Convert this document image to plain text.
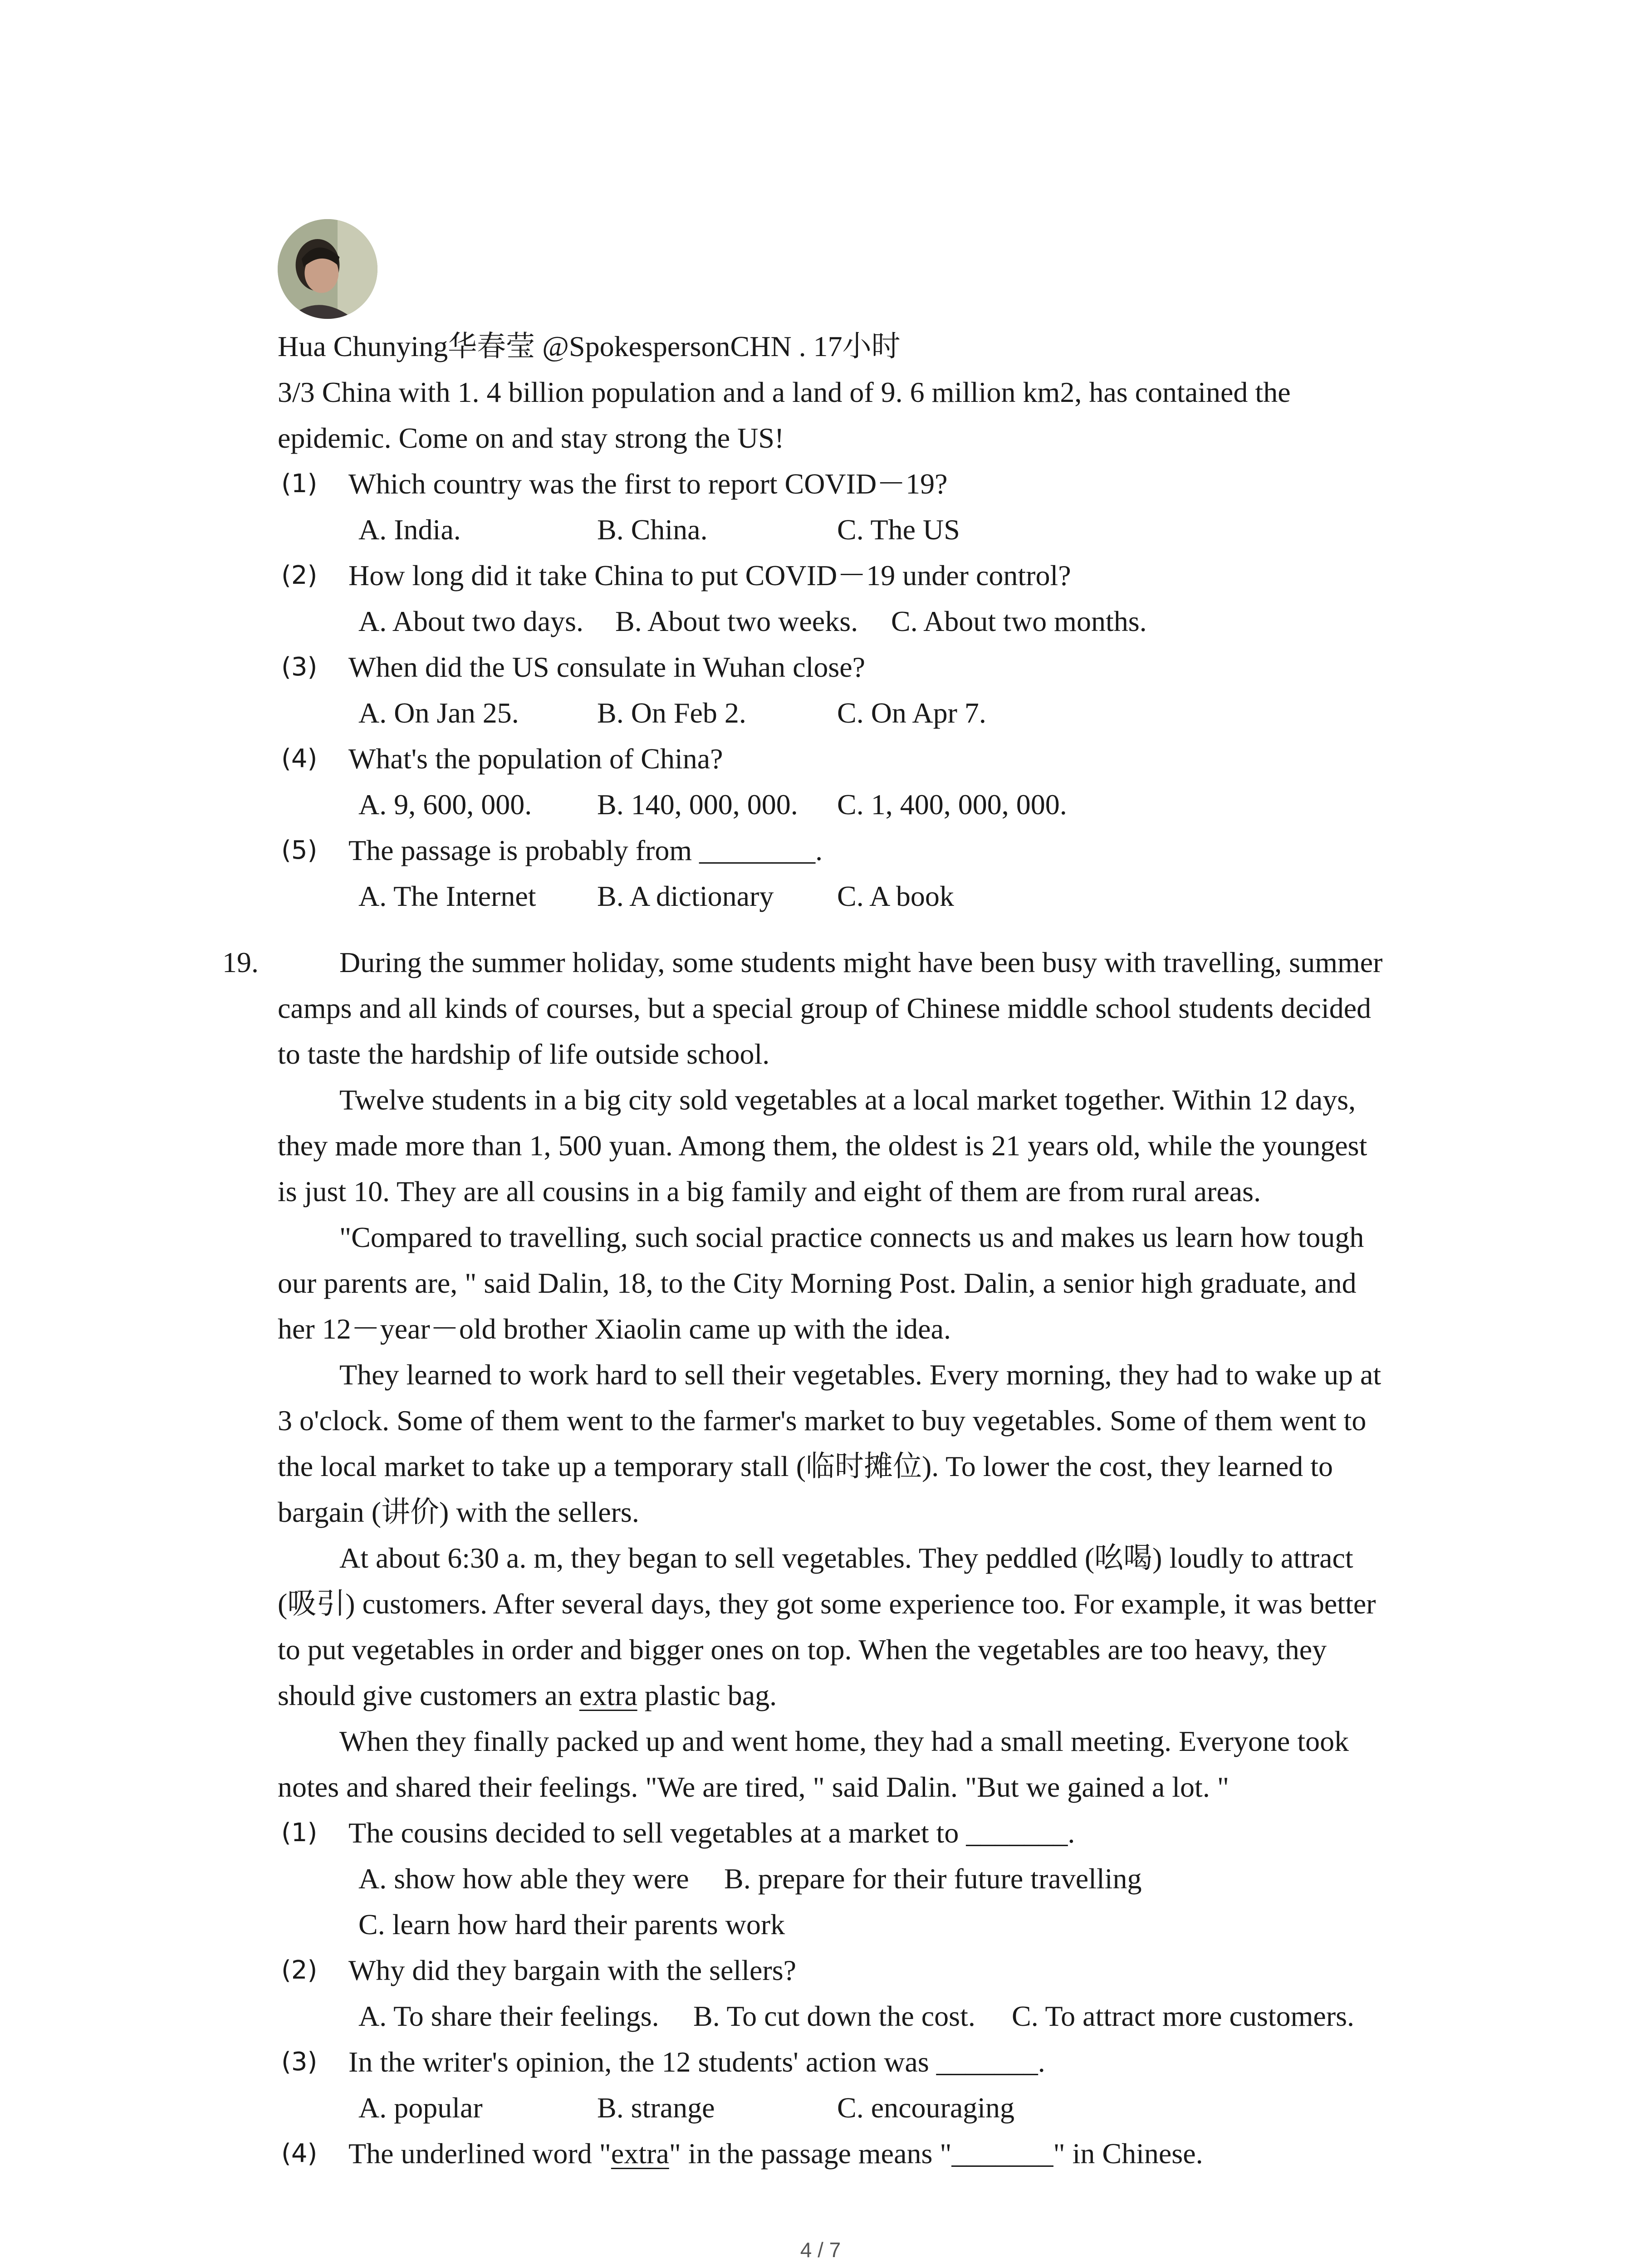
Hua Chunying华春莹 @SpokespersonCHN . 17小时
3/3 China with 1. 4 billion population and a land of 9. 6 million km2, has contained the
epidemic. Come on and stay strong the US!
(1) Which country was the first to report COVID－19?
A. India.	B. China.	C. The US
(2) How long did it take China to put COVID－19 under control?
A. About two days. B. About two weeks. C. About two months.
(3) When did the US consulate in Wuhan close?
A. On Jan 25.	B. On Feb 2.	C. On Apr 7.
(4) What's the population of China?
A. 9, 600, 000. B. 140, 000, 000. C. 1, 400, 000, 000.
(5) The passage is probably from ________.
A. The Internet B. A dictionary C. A book
19.	During the summer holiday, some students might have been busy with travelling, summer
camps and all kinds of courses, but a special group of Chinese middle school students decided
to taste the hardship of life outside school.
Twelve students in a big city sold vegetables at a local market together. Within 12 days,
they made more than 1, 500 yuan. Among them, the oldest is 21 years old, while the youngest
is just 10. They are all cousins in a big family and eight of them are from rural areas.
"Compared to travelling, such social practice connects us and makes us learn how tough
our parents are, " said Dalin, 18, to the City Morning Post. Dalin, a senior high graduate, and
her 12－year－old brother Xiaolin came up with the idea.
They learned to work hard to sell their vegetables. Every morning, they had to wake up at
3 o'clock. Some of them went to the farmer's market to buy vegetables. Some of them went to
the local market to take up a temporary stall (临时摊位). To lower the cost, they learned to
bargain (讲价) with the sellers.
At about 6:30 a. m, they began to sell vegetables. They peddled (吆喝) loudly to attract
(吸引) customers. After several days, they got some experience too. For example, it was better
to put vegetables in order and bigger ones on top. When the vegetables are too heavy, they
should give customers an extra plastic bag.
When they finally packed up and went home, they had a small meeting. Everyone took
notes and shared their feelings. "We are tired, " said Dalin. "But we gained a lot. "
(1) The cousins decided to sell vegetables at a market to _______.
A. show how able they were B. prepare for their future travelling
C. learn how hard their parents work
(2) Why did they bargain with the sellers?
A. To share their feelings. B. To cut down the cost. C. To attract more customers.
(3) In the writer's opinion, the 12 students' action was _______.
A. popular	B. strange	C. encouraging
(4) The underlined word "extra" in the passage means "_______" in Chinese.
4 / 7
